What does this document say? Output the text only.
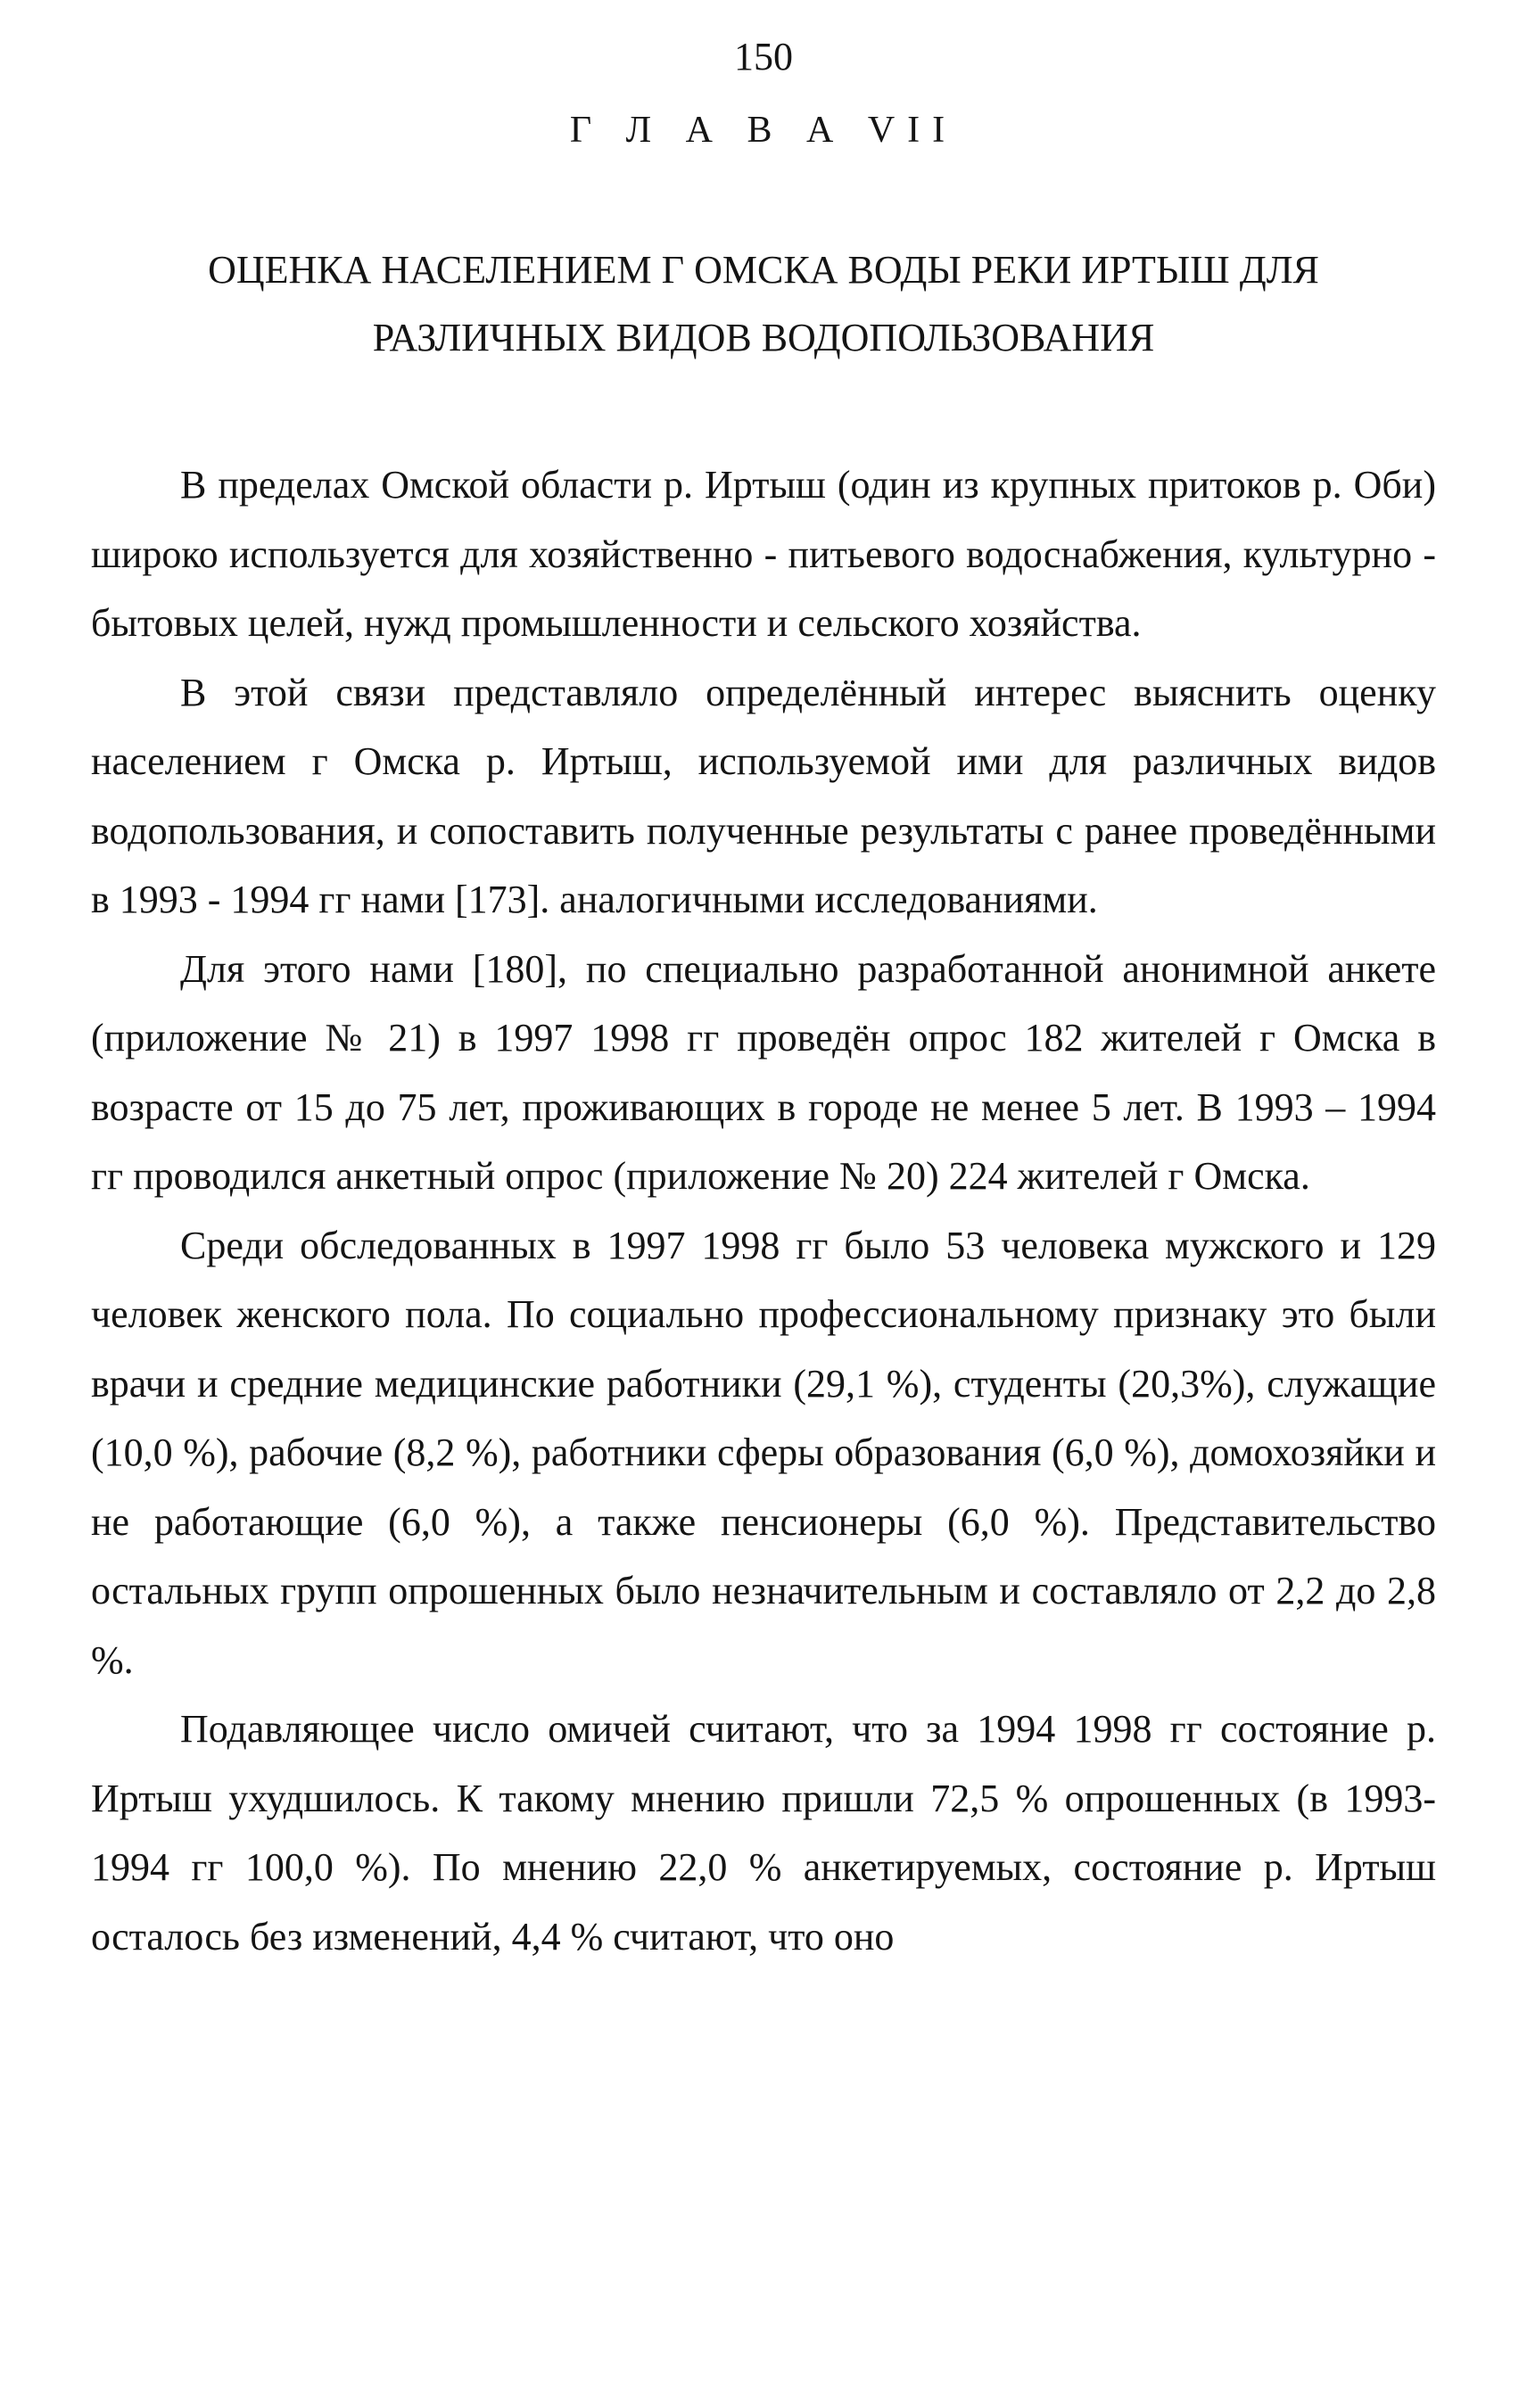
150
Г Л А В А VII
ОЦЕНКА НАСЕЛЕНИЕМ Г ОМСКА ВОДЫ РЕКИ ИРТЫШ ДЛЯ
РАЗЛИЧНЫХ ВИДОВ ВОДОПОЛЬЗОВАНИЯ

В пределах Омской области р. Иртыш (один из крупных притоков р. Оби) широко используется для хозяйственно - питьевого водоснабжения, культурно - бытовых целей, нужд промышленности и сельского хозяйства.

В этой связи представляло определённый интерес выяснить оценку населением г Омска р. Иртыш, используемой ими для различных видов водопользования, и сопоставить полученные результаты с ранее проведёнными в 1993 - 1994 гг нами [173]. аналогичными исследованиями.

Для этого нами [180], по специально разработанной анонимной анкете (приложение № 21) в 1997 1998 гг проведён опрос 182 жителей г Омска в возрасте от 15 до 75 лет, проживающих в городе не менее 5 лет. В 1993 – 1994 гг проводился анкетный опрос (приложение № 20) 224 жителей г Омска.

Среди обследованных в 1997 1998 гг было 53 человека мужского и 129 человек женского пола. По социально профессиональному признаку это были врачи и средние медицинские работники (29,1 %), студенты (20,3%), служащие (10,0 %), рабочие (8,2 %), работники сферы образования (6,0 %), домохозяйки и не работающие (6,0 %), а также пенсионеры (6,0 %). Представительство остальных групп опрошенных было незначительным и составляло от 2,2 до 2,8 %.

Подавляющее число омичей считают, что за 1994 1998 гг состояние р. Иртыш ухудшилось. К такому мнению пришли 72,5 % опрошенных (в 1993-1994 гг 100,0 %). По мнению 22,0 % анкетируемых, состояние р. Иртыш осталось без изменений, 4,4 % считают, что оно
